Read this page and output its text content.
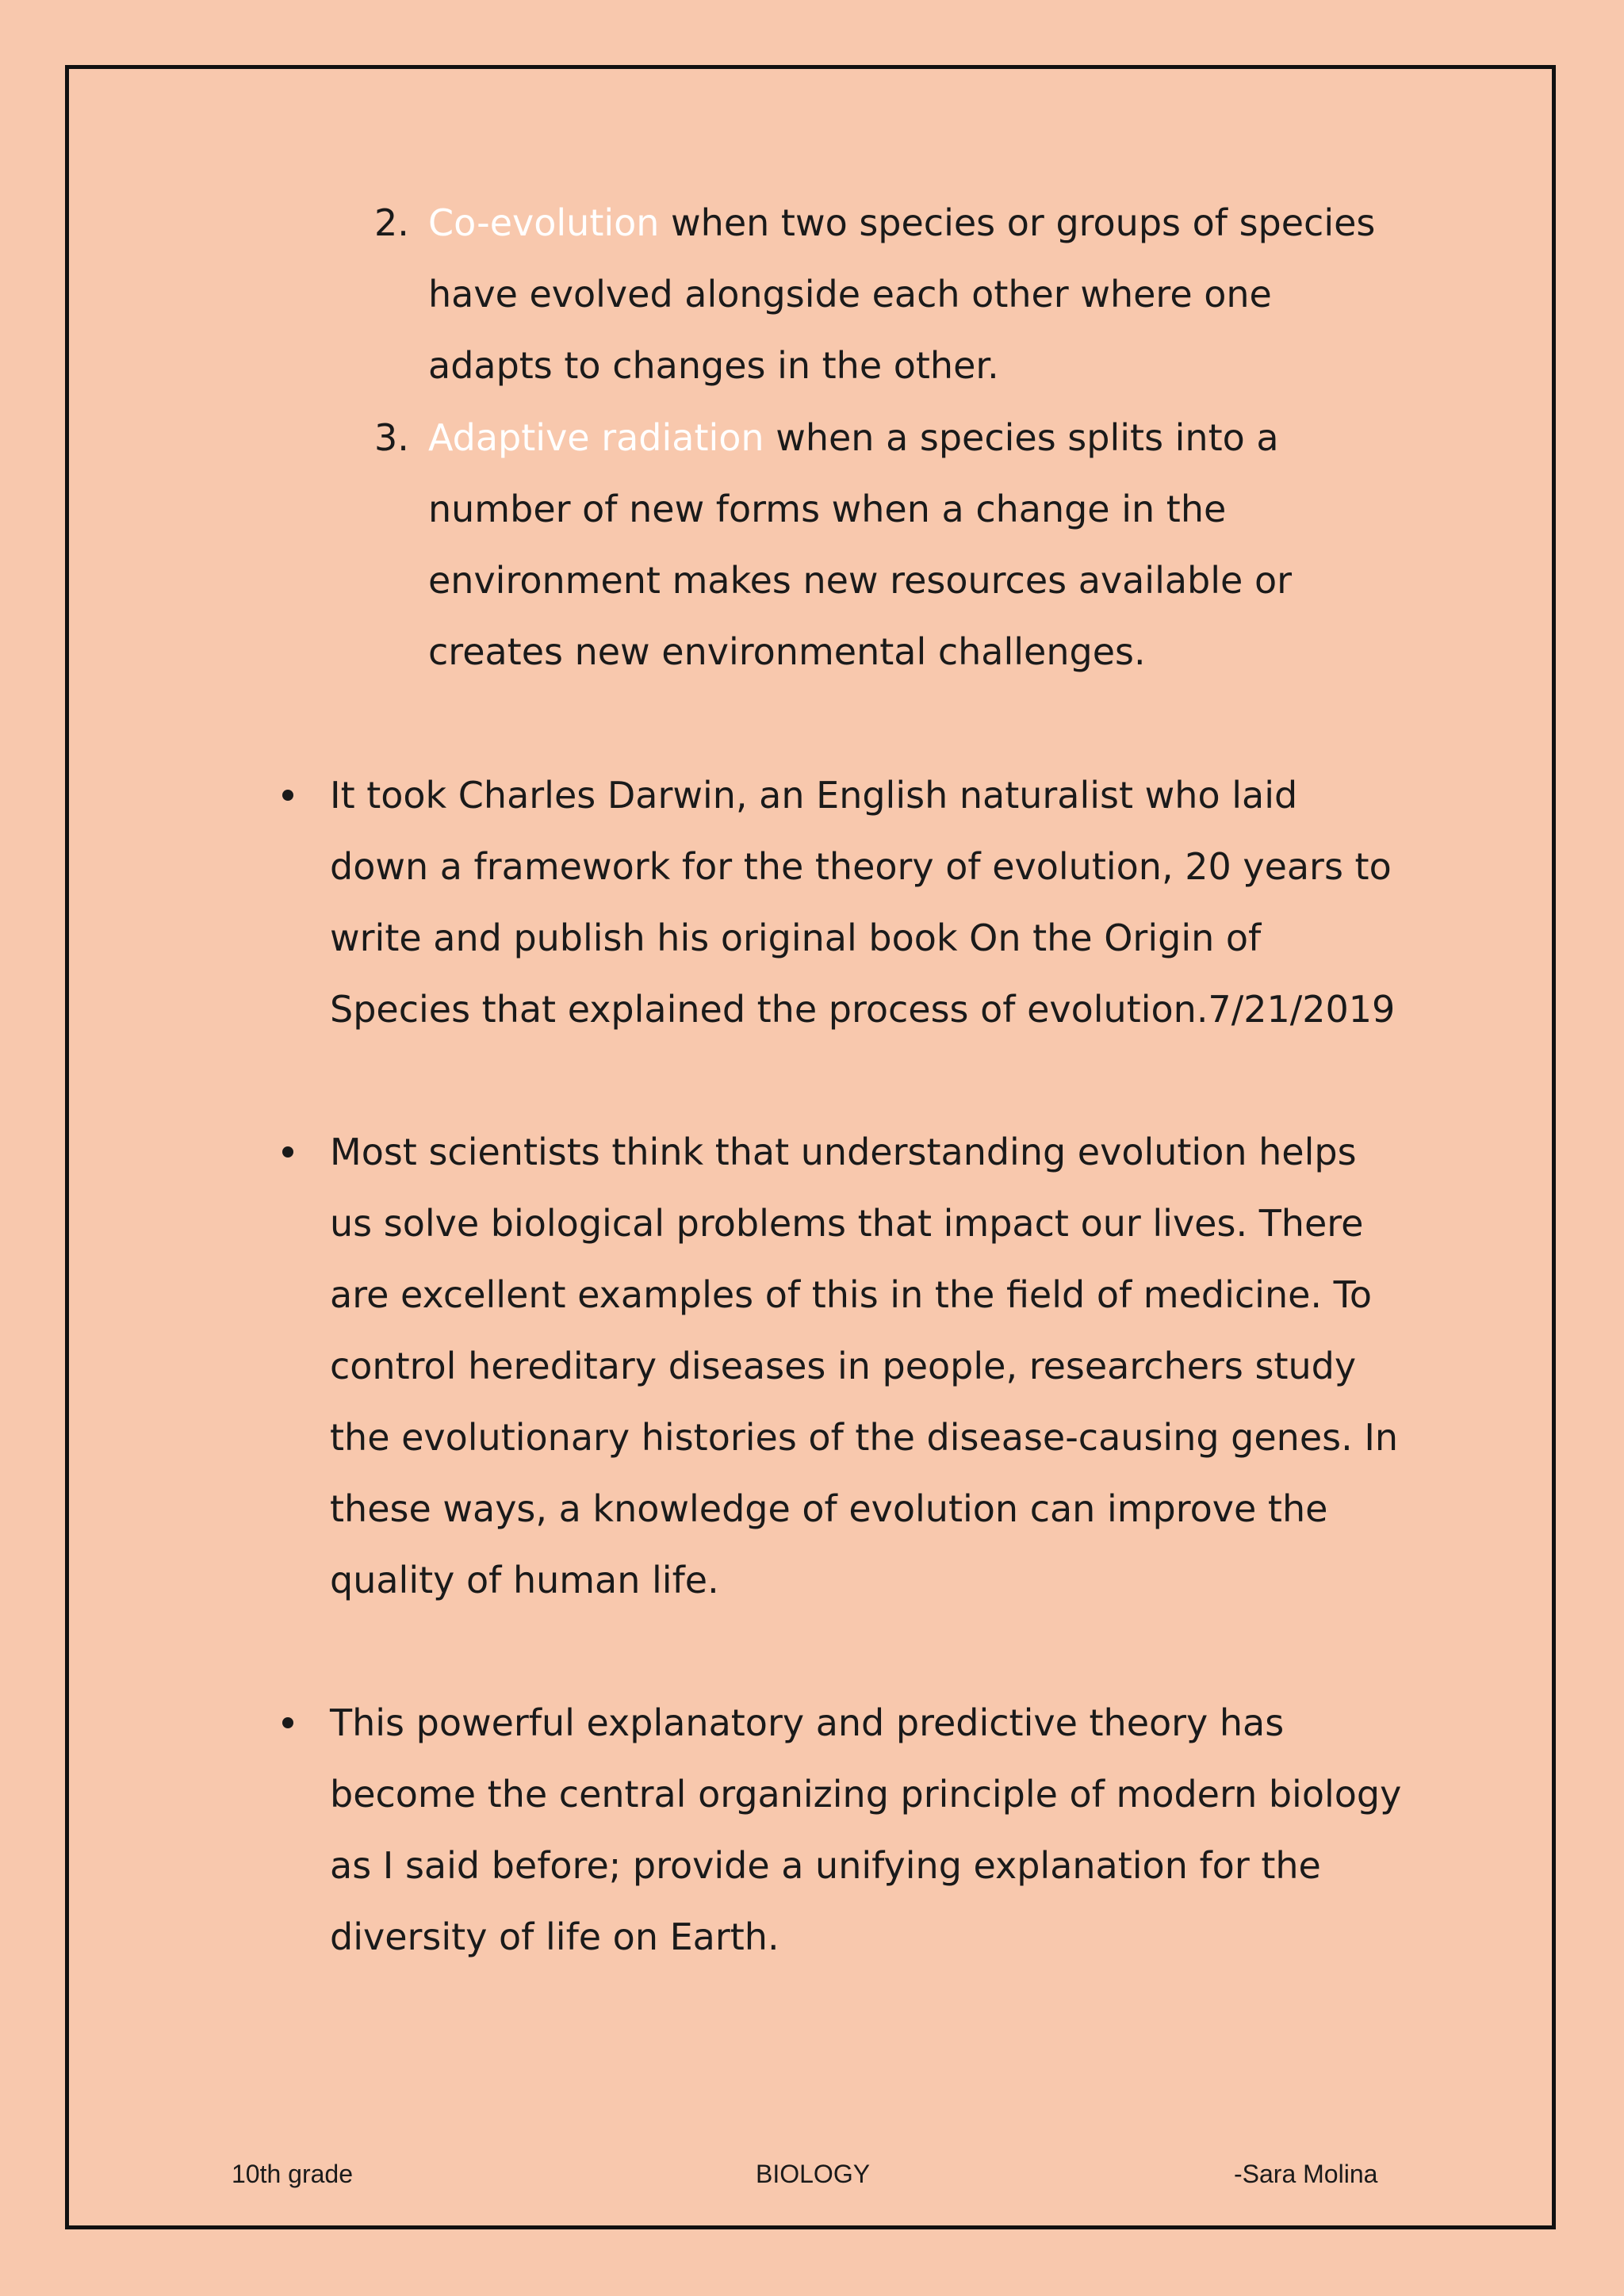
2. Co-evolution when two species or groups of species have evolved alongside each other where one adapts to changes in the other.
3. Adaptive radiation when a species splits into a number of new forms when a change in the environment makes new resources available or creates new environmental challenges.
It took Charles Darwin, an English naturalist who laid down a framework for the theory of evolution, 20 years to write and publish his original book On the Origin of Species that explained the process of evolution.7/21/2019
Most scientists think that understanding evolution helps us solve biological problems that impact our lives. There are excellent examples of this in the field of medicine. To control hereditary diseases in people, researchers study the evolutionary histories of the disease-causing genes. In these ways, a knowledge of evolution can improve the quality of human life.
This powerful explanatory and predictive theory has become the central organizing principle of modern biology as I said before; provide a unifying explanation for the diversity of life on Earth.
10th grade	BIOLOGY	-Sara Molina
